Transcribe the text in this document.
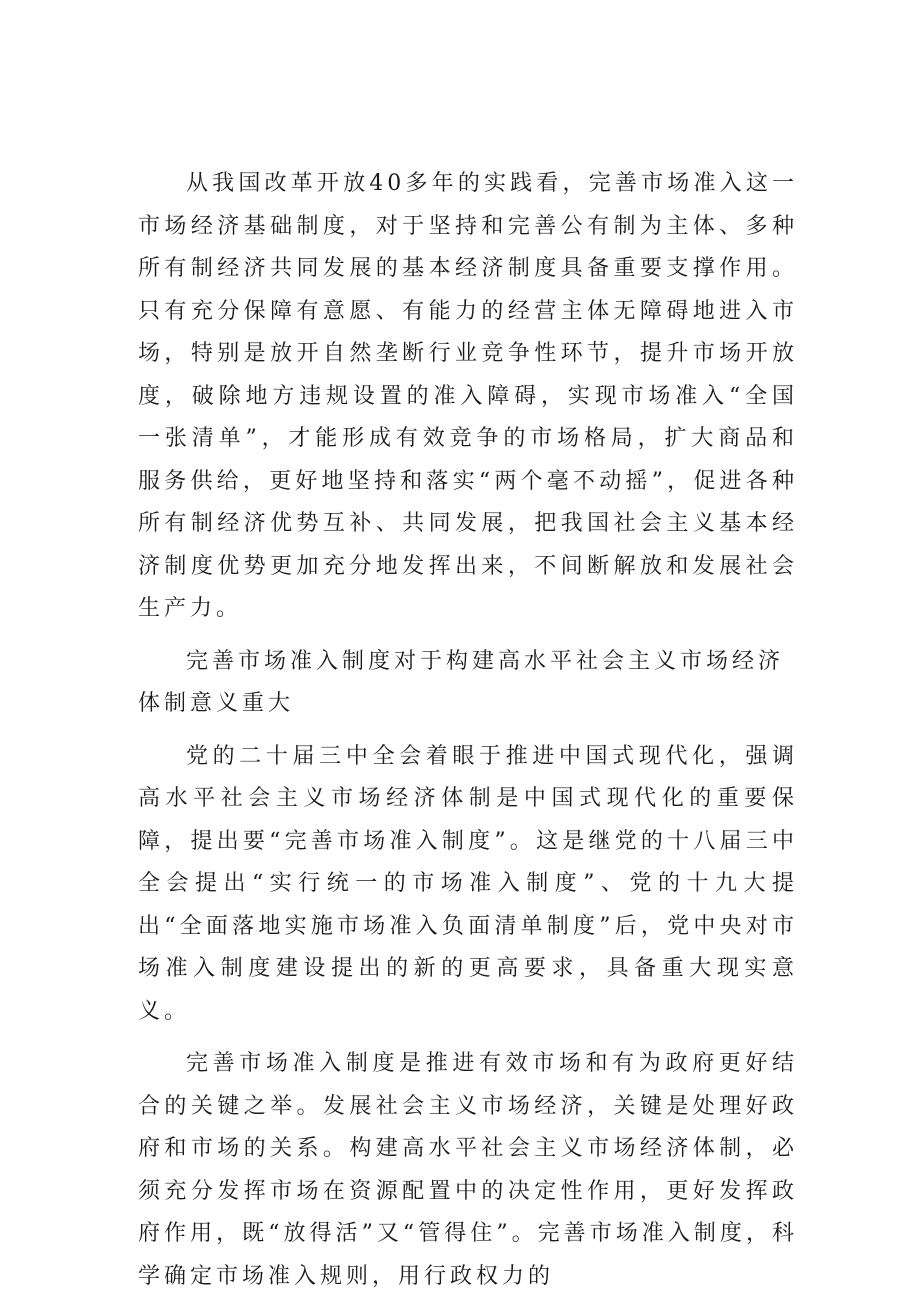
从我国改革开放40多年的实践看，完善市场准入这一市场经济基础制度，对于坚持和完善公有制为主体、多种所有制经济共同发展的基本经济制度具备重要支撑作用。只有充分保障有意愿、有能力的经营主体无障碍地进入市场，特别是放开自然垄断行业竞争性环节，提升市场开放度，破除地方违规设置的准入障碍，实现市场准入“全国一张清单”，才能形成有效竞争的市场格局，扩大商品和服务供给，更好地坚持和落实“两个毫不动摇”，促进各种所有制经济优势互补、共同发展，把我国社会主义基本经济制度优势更加充分地发挥出来，不间断解放和发展社会生产力。

完善市场准入制度对于构建高水平社会主义市场经济体制意义重大

党的二十届三中全会着眼于推进中国式现代化，强调高水平社会主义市场经济体制是中国式现代化的重要保障，提出要“完善市场准入制度”。这是继党的十八届三中全会提出“实行统一的市场准入制度”、党的十九大提出“全面落地实施市场准入负面清单制度”后，党中央对市场准入制度建设提出的新的更高要求，具备重大现实意义。

完善市场准入制度是推进有效市场和有为政府更好结合的关键之举。发展社会主义市场经济，关键是处理好政府和市场的关系。构建高水平社会主义市场经济体制，必须充分发挥市场在资源配置中的决定性作用，更好发挥政府作用，既“放得活”又“管得住”。完善市场准入制度，科学确定市场准入规则，用行政权力的
